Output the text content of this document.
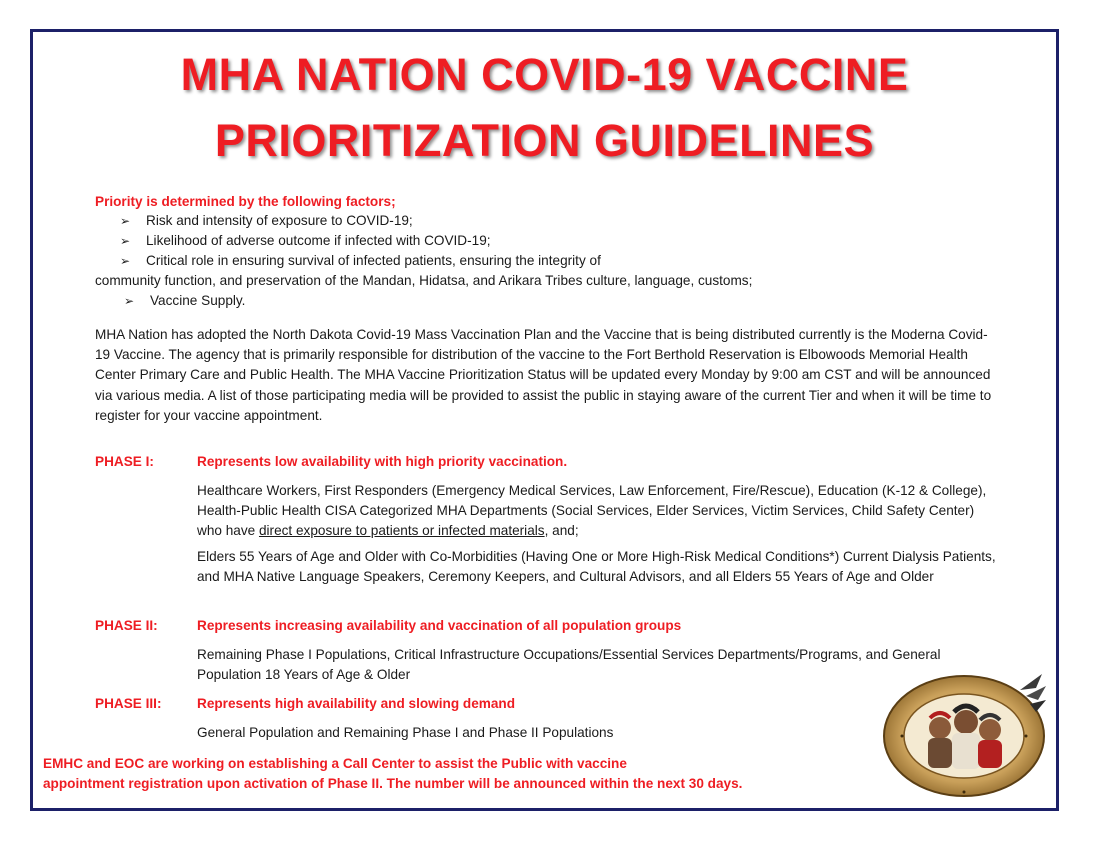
MHA NATION COVID-19 VACCINE
PRIORITIZATION GUIDELINES
Priority is determined by the following factors;
➢ Risk and intensity of exposure to COVID-19;
➢ Likelihood of adverse outcome if infected with COVID-19;
➢ Critical role in ensuring survival of infected patients, ensuring the integrity of
community function, and preservation of the Mandan, Hidatsa, and Arikara Tribes culture, language, customs;
➢ Vaccine Supply.
MHA Nation has adopted the North Dakota Covid-19 Mass Vaccination Plan and the Vaccine that is being distributed currently is the Moderna Covid-19 Vaccine. The agency that is primarily responsible for distribution of the vaccine to the Fort Berthold Reservation is Elbowoods Memorial Health Center Primary Care and Public Health. The MHA Vaccine Prioritization Status will be updated every Monday by 9:00 am CST and will be announced via various media. A list of those participating media will be provided to assist the public in staying aware of the current Tier and when it will be time to register for your vaccine appointment.
PHASE I:	Represents low availability with high priority vaccination.
Healthcare Workers, First Responders (Emergency Medical Services, Law Enforcement, Fire/Rescue), Education (K-12 & College), Health-Public Health CISA Categorized MHA Departments (Social Services, Elder Services, Victim Services, Child Safety Center) who have direct exposure to patients or infected materials, and;
Elders 55 Years of Age and Older with Co-Morbidities (Having One or More High-Risk Medical Conditions*) Current Dialysis Patients, and MHA Native Language Speakers, Ceremony Keepers, and Cultural Advisors, and all Elders 55 Years of Age and Older
PHASE II:	Represents increasing availability and vaccination of all population groups
Remaining Phase I Populations, Critical Infrastructure Occupations/Essential Services Departments/Programs, and General Population 18 Years of Age & Older
PHASE III:	Represents high availability and slowing demand
General Population and Remaining Phase I and Phase II Populations
EMHC and EOC are working on establishing a Call Center to assist the Public with vaccine
appointment registration upon activation of Phase II. The number will be announced within the next 30 days.
